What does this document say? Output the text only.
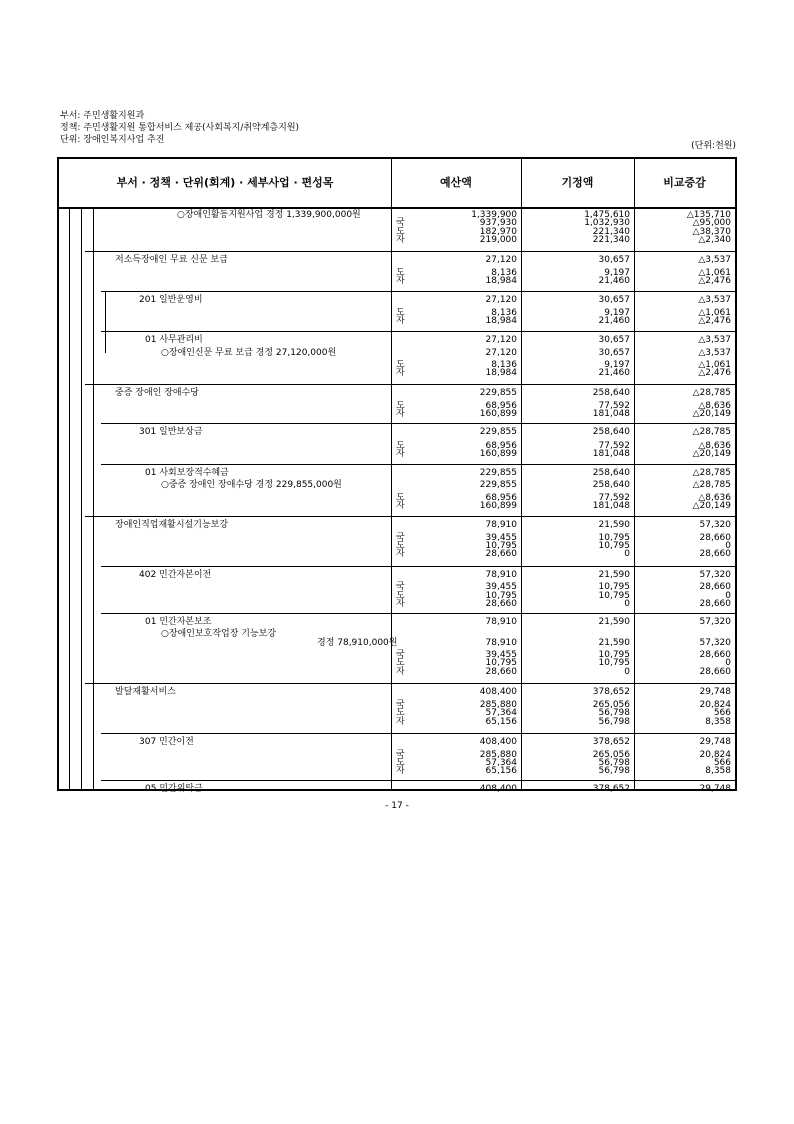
부서: 주민생활지원과
정책: 주민생활지원 통합서비스 제공(사회복지/취약계층지원)
단위: 장애인복지사업 추진
(단위:천원)
부서 · 정책 · 단위(회계) · 세부사업 · 편성목	예산액	기정액	비교증감
○장애인활동지원사업 경정 1,339,900,000원	1,339,900	1,475,610	△135,710
국	937,930	1,032,930	△95,000
도	182,970	221,340	△38,370
자	219,000	221,340	△2,340
저소득장애인 무료 신문 보급	27,120	30,657	△3,537
도	8,136	9,197	△1,061
자	18,984	21,460	△2,476
201 일반운영비	27,120	30,657	△3,537
도	8,136	9,197	△1,061
자	18,984	21,460	△2,476
01 사무관리비	27,120	30,657	△3,537
○장애인신문 무료 보급 경정 27,120,000원	27,120	30,657	△3,537
도	8,136	9,197	△1,061
자	18,984	21,460	△2,476
중증 장애인 장애수당	229,855	258,640	△28,785
도	68,956	77,592	△8,636
자	160,899	181,048	△20,149
301 일반보상금	229,855	258,640	△28,785
도	68,956	77,592	△8,636
자	160,899	181,048	△20,149
01 사회보장적수혜금	229,855	258,640	△28,785
○중증 장애인 장애수당 경정 229,855,000원	229,855	258,640	△28,785
도	68,956	77,592	△8,636
자	160,899	181,048	△20,149
장애인직업재활시설기능보강	78,910	21,590	57,320
국	39,455	10,795	28,660
도	10,795	10,795	0
자	28,660	0	28,660
402 민간자본이전	78,910	21,590	57,320
국	39,455	10,795	28,660
도	10,795	10,795	0
자	28,660	0	28,660
01 민간자본보조	78,910	21,590	57,320
○장애인보호작업장 기능보강
경정 78,910,000원	78,910	21,590	57,320
국	39,455	10,795	28,660
도	10,795	10,795	0
자	28,660	0	28,660
발달재활서비스	408,400	378,652	29,748
국	285,880	265,056	20,824
도	57,364	56,798	566
자	65,156	56,798	8,358
307 민간이전	408,400	378,652	29,748
국	285,880	265,056	20,824
도	57,364	56,798	566
자	65,156	56,798	8,358
05 민간위탁금	408,400	378,652	29,748
- 17 -
